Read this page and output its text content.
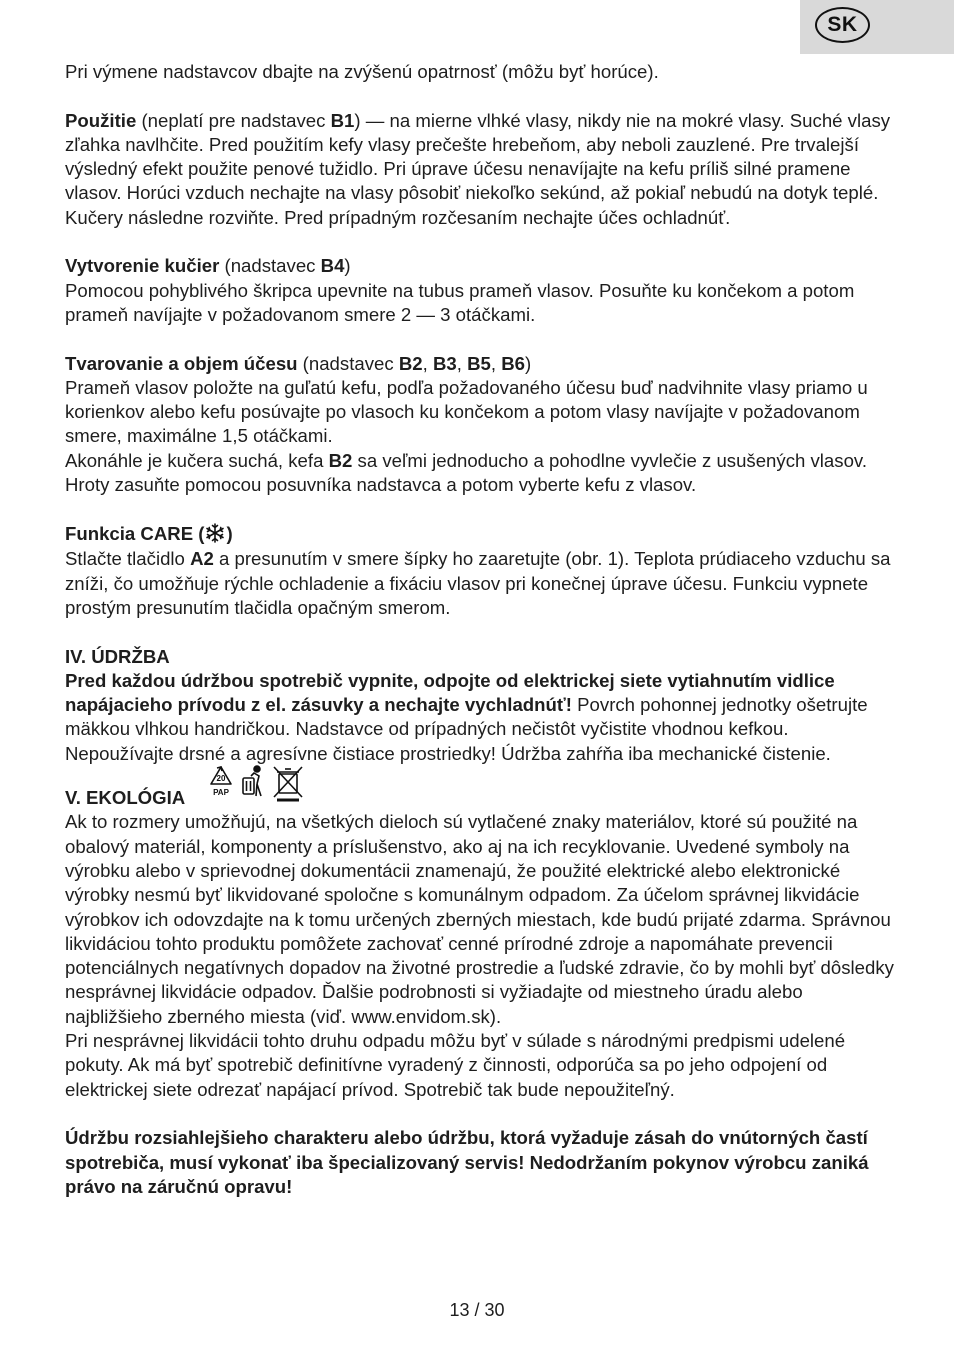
SK

Pri výmene nadstavcov dbajte na zvýšenú opatrnosť (môžu byť horúce).

Použitie (neplatí pre nadstavec B1) — na mierne vlhké vlasy, nikdy nie na mokré vlasy. Suché vlasy zľahka navlhčite. Pred použitím kefy vlasy prečešte hrebeňom, aby neboli zauzlené. Pre trvalejší výsledný efekt použite penové tužidlo. Pri úprave účesu nenavíjajte na kefu príliš silné pramene vlasov. Horúci vzduch nechajte na vlasy pôsobiť niekoľko sekúnd, až pokiaľ nebudú na dotyk teplé. Kučery následne rozviňte. Pred prípadným rozčesaním nechajte účes ochladnúť.

Vytvorenie kučier (nadstavec B4)

Pomocou pohyblivého škripca upevnite na tubus prameň vlasov. Posuňte ku končekom a potom prameň navíjajte v požadovanom smere 2 — 3 otáčkami.

Tvarovanie a objem účesu (nadstavec B2, B3, B5, B6)

Prameň vlasov položte na guľatú kefu, podľa požadovaného účesu buď nadvihnite vlasy priamo u korienkov alebo kefu posúvajte po vlasoch ku končekom a potom vlasy navíjajte v požadovanom smere, maximálne 1,5 otáčkami.

Akonáhle je kučera suchá, kefa B2 sa veľmi jednoducho a pohodlne vyvlečie z usušených vlasov. Hroty zasuňte pomocou posuvníka nadstavca a potom vyberte kefu z vlasov.

Funkcia CARE ( )

Stlačte tlačidlo A2 a presunutím v smere šípky ho zaaretujte (obr. 1). Teplota prúdiaceho vzduchu sa zníži, čo umožňuje rýchle ochladenie a fixáciu vlasov pri konečnej úprave účesu. Funkciu vypnete prostým presunutím tlačidla opačným smerom.

IV. ÚDRŽBA

Pred každou údržbou spotrebič vypnite, odpojte od elektrickej siete vytiahnutím vidlice napájacieho prívodu z el. zásuvky a nechajte vychladnúť! Povrch pohonnej jednotky ošetrujte mäkkou vlhkou handričkou. Nadstavce od prípadných nečistôt vyčistite vhodnou kefkou. Nepoužívajte drsné a agresívne čistiace prostriedky! Údržba zahŕňa iba mechanické čistenie.

V. EKOLÓGIA
20
PAP

Ak to rozmery umožňujú, na všetkých dieloch sú vytlačené znaky materiálov, ktoré sú použité na obalový materiál, komponenty a príslušenstvo, ako aj na ich recyklovanie. Uvedené symboly na výrobku alebo v sprievodnej dokumentácii znamenajú, že použité elektrické alebo elektronické výrobky nesmú byť likvidované spoločne s komunálnym odpadom. Za účelom správnej likvidácie výrobkov ich odovzdajte na k tomu určených zberných miestach, kde budú prijaté zdarma. Správnou likvidáciou tohto produktu pomôžete zachovať cenné prírodné zdroje a napomáhate prevencii potenciálnych negatívnych dopadov na životné prostredie a ľudské zdravie, čo by mohli byť dôsledky nesprávnej likvidácie odpadov. Ďalšie podrobnosti si vyžiadajte od miestneho úradu alebo najbližšieho zberného miesta (viď. www.envidom.sk).

Pri nesprávnej likvidácii tohto druhu odpadu môžu byť v súlade s národnými predpismi udelené pokuty. Ak má byť spotrebič definitívne vyradený z činnosti, odporúča sa po jeho odpojení od elektrickej siete odrezať napájací prívod. Spotrebič tak bude nepoužiteľný.

Údržbu rozsiahlejšieho charakteru alebo údržbu, ktorá vyžaduje zásah do vnútorných častí spotrebiča, musí vykonať iba špecializovaný servis! Nedodržaním pokynov výrobcu zaniká právo na záručnú opravu!

13 / 30
